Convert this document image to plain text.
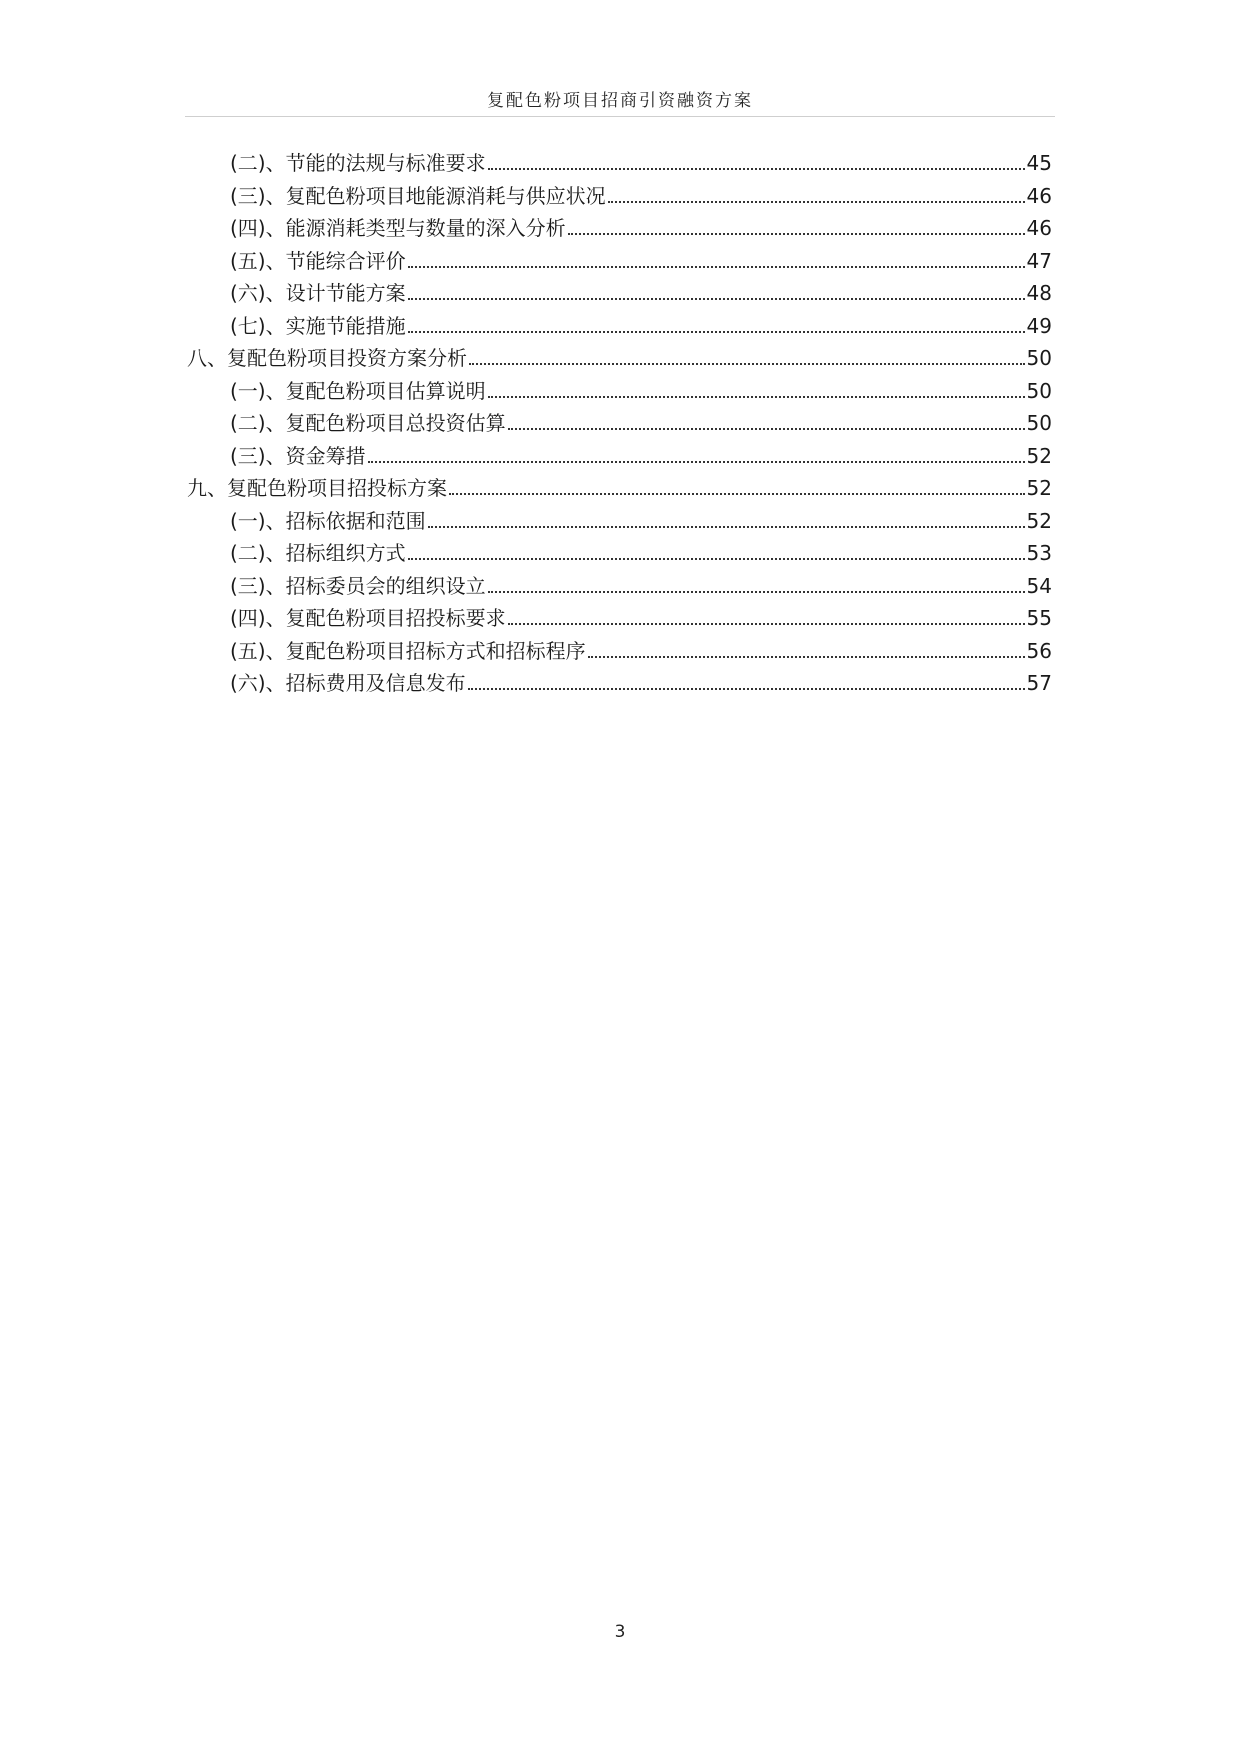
复配色粉项目招商引资融资方案
(二)、节能的法规与标准要求	45
(三)、复配色粉项目地能源消耗与供应状况	46
(四)、能源消耗类型与数量的深入分析	46
(五)、节能综合评价	47
(六)、设计节能方案	48
(七)、实施节能措施	49
八、复配色粉项目投资方案分析	50
(一)、复配色粉项目估算说明	50
(二)、复配色粉项目总投资估算	50
(三)、资金筹措	52
九、复配色粉项目招投标方案	52
(一)、招标依据和范围	52
(二)、招标组织方式	53
(三)、招标委员会的组织设立	54
(四)、复配色粉项目招投标要求	55
(五)、复配色粉项目招标方式和招标程序	56
(六)、招标费用及信息发布	57
3
